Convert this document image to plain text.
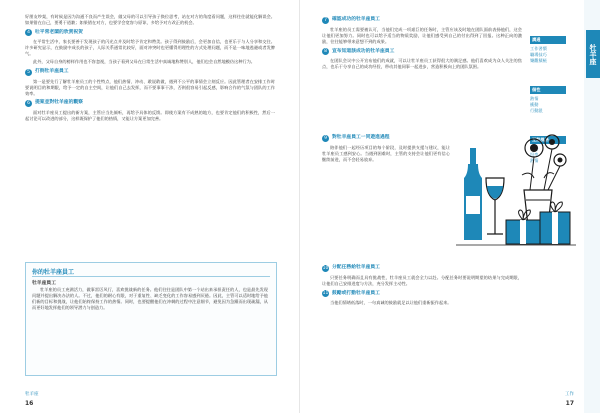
好朋友吵架，有时候是因为沟通不良而产生误会，做父母的可以引导孩子换位思考，站在对方的角度看问题，这样往往就能化解误会。如果错在自己，要勇于道歉；如果错在对方，也要学会宽容与原谅，多给予对方改正的机会。

4	吐平常老闆的欣赏祝贺

在平常生活中，家长要善于发现孩子的闪光点并及时给予肯定和赞美。孩子得到鼓励后，会更加自信，也更乐于与人分享和交往。许多研究显示，在鼓励中成长的孩子，人际关系通常比较好，面对冲突时也更懂得用理性的方式处理问题，而不是一味地逃避或者发脾气。

此外，父母自身的榜样作用也不容忽视，当孩子看到父母在日常生活中真诚地称赞别人，他们也会自然地模仿这种行为。

5	打倒牡羊座員工

第一是要先行了解牡羊座员工的个性特点，他们热情、冲动、敢说敢做，遇到不公平的事情会立刻反应。因此管理者在安排工作时要说明目的和期限，给予一定的自主空间，让他们自己去发挥，而不要事事干涉，否则很容易引起反感，影响合作的气氛与团队的工作效率。

6	提案並對牡羊座的觀察

面对牡羊座员工提出的新方案，主管应当先倾听，再给予具体的反馈。即使方案有不成熟的地方，也要肯定他们的积极性，然后一起讨论可以改进的部分，这样既保护了他们的热情，又能让方案更加完善。

你的牡羊座員工
牡羊座員工

牡羊座的员工充满活力，做事雷厉风行，喜欢挑战新的任务。他们往往是团队中第一个站出来承担责任的人，也是最先发现问题并提出解决办法的人。不过，他们的耐心有限，对于重复性、缺乏变化的工作容易感到厌倦。因此，主管可以适时地给予他们新的目标和挑战，让他们始终保持工作的热情。同时，也要提醒他们在冲刺的过程中注意细节，避免因为急躁而出现疏漏，从而更好地发挥他们的领导潜力与创造力。

牡羊座
16
牡羊座
7	確認成功的牡羊座員工

牡羊座的员工需要被认可，当他们完成一项艰巨的任务时，主管应该及时地在团队面前表扬他们，这会让他们更加努力。同时也可以给予适当的物质奖励，让他们感受到自己的付出得到了回报。这种正向的激励，往往能够带来意想不到的成果。

8	宣布知道該成功的牡羊座員工

在团队会议中公开宣布他们的成就，可以让牡羊座员工获得很大的满足感。他们喜欢成为众人关注的焦点，也乐于分享自己的成功经验，带动其他同事一起进步，营造积极向上的团队氛围。

9	對牡羊座員工一同遊進過程

陪伴他们一起经历项目的每个阶段，及时提供支援与建议，能让牡羊座员工感到安心。当遇到困难时，主管的支持会让他们更有信心继续前进，而不会轻易放弃。

10 分配任務給牡羊座員工

只要任务明确而且具有挑战性，牡羊座员工就会全力以赴。分配任务时要说明期望的结果与完成期限，让他们自己安排进度与方法，充分发挥主动性。

11 鼓勵或打動牡羊座員工

当他们情绪低落时，一句真诚的鼓励就足以让他们重新振作起来。

溝通
工作習慣
職場技巧
樂觀積極
個性
熱情
衝動
行動派
互動風格
坦率
熱情
工作
17
